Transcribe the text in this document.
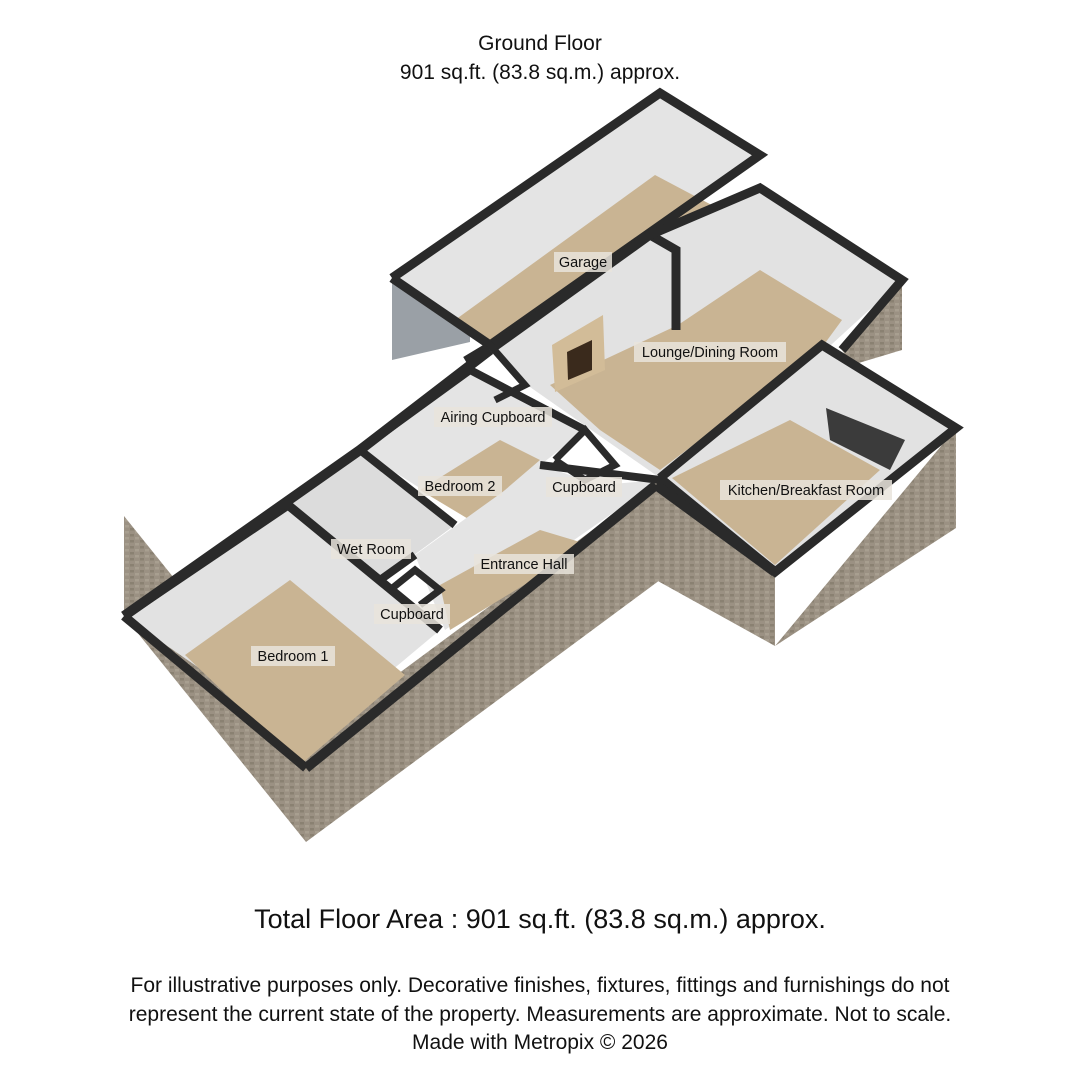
Ground Floor
901 sq.ft. (83.8 sq.m.) approx.
Garage
Lounge/Dining Room
Airing Cupboard
Bedroom 2	Cupboard	Kitchen/Breakfast Room
Wet Room
Entrance Hall
Cupboard
Bedroom 1
Total Floor Area : 901 sq.ft. (83.8 sq.m.) approx.
For illustrative purposes only. Decorative finishes, fixtures, fittings and furnishings do not
represent the current state of the property. Measurements are approximate. Not to scale.
Made with Metropix © 2026
